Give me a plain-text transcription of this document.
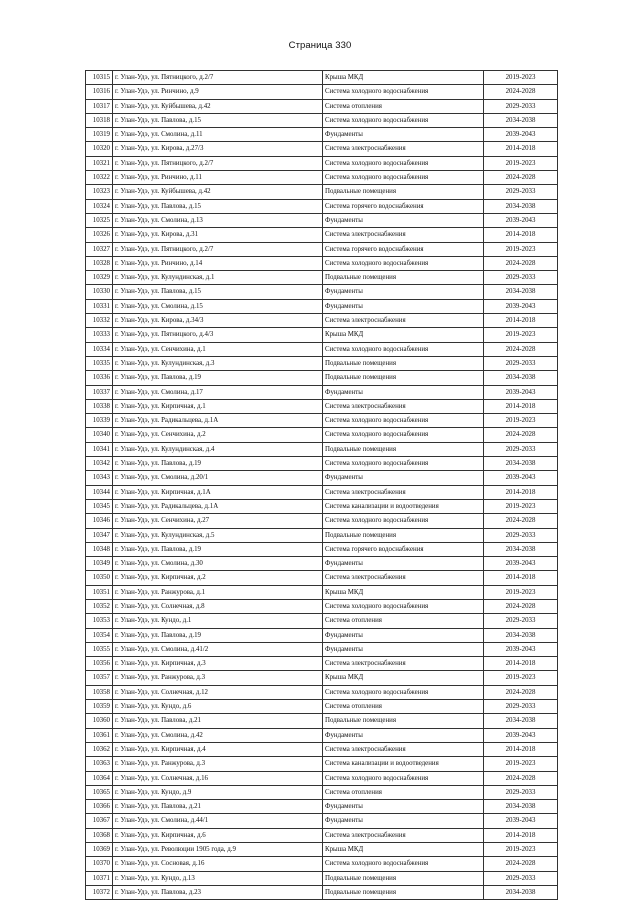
Страница 330
10315	г. Улан-Удэ, ул. Пятницкого, д.2/7	Крыша МКД	2019-2023
10316	г. Улан-Удэ, ул. Ринчино, д.9	Система холодного водоснабжения	2024-2028
10317	г. Улан-Удэ, ул. Куйбышева, д.42	Система отопления	2029-2033
10318	г. Улан-Удэ, ул. Павлова, д.15	Система холодного водоснабжения	2034-2038
10319	г. Улан-Удэ, ул. Смолина, д.11	Фундаменты	2039-2043
10320	г. Улан-Удэ, ул. Кирова, д.27/3	Система электроснабжения	2014-2018
10321	г. Улан-Удэ, ул. Пятницкого, д.2/7	Система холодного водоснабжения	2019-2023
10322	г. Улан-Удэ, ул. Ринчино, д.11	Система холодного водоснабжения	2024-2028
10323	г. Улан-Удэ, ул. Куйбышева, д.42	Подвальные помещения	2029-2033
10324	г. Улан-Удэ, ул. Павлова, д.15	Система горячего водоснабжения	2034-2038
10325	г. Улан-Удэ, ул. Смолина, д.13	Фундаменты	2039-2043
10326	г. Улан-Удэ, ул. Кирова, д.31	Система электроснабжения	2014-2018
10327	г. Улан-Удэ, ул. Пятницкого, д.2/7	Система горячего водоснабжения	2019-2023
10328	г. Улан-Удэ, ул. Ринчино, д.14	Система холодного водоснабжения	2024-2028
10329	г. Улан-Удэ, ул. Кулундинская, д.1	Подвальные помещения	2029-2033
10330	г. Улан-Удэ, ул. Павлова, д.15	Фундаменты	2034-2038
10331	г. Улан-Удэ, ул. Смолина, д.15	Фундаменты	2039-2043
10332	г. Улан-Удэ, ул. Кирова, д.34/3	Система электроснабжения	2014-2018
10333	г. Улан-Удэ, ул. Пятницкого, д.4/3	Крыша МКД	2019-2023
10334	г. Улан-Удэ, ул. Сенчихина, д.1	Система холодного водоснабжения	2024-2028
10335	г. Улан-Удэ, ул. Кулундинская, д.3	Подвальные помещения	2029-2033
10336	г. Улан-Удэ, ул. Павлова, д.19	Подвальные помещения	2034-2038
10337	г. Улан-Удэ, ул. Смолина, д.17	Фундаменты	2039-2043
10338	г. Улан-Удэ, ул. Кирпичная, д.1	Система электроснабжения	2014-2018
10339	г. Улан-Удэ, ул. Радикальцева, д.1А	Система холодного водоснабжения	2019-2023
10340	г. Улан-Удэ, ул. Сенчихина, д.2	Система холодного водоснабжения	2024-2028
10341	г. Улан-Удэ, ул. Кулундинская, д.4	Подвальные помещения	2029-2033
10342	г. Улан-Удэ, ул. Павлова, д.19	Система холодного водоснабжения	2034-2038
10343	г. Улан-Удэ, ул. Смолина, д.20/1	Фундаменты	2039-2043
10344	г. Улан-Удэ, ул. Кирпичная, д.1А	Система электроснабжения	2014-2018
10345	г. Улан-Удэ, ул. Радикальцева, д.1А	Система канализации и водоотведения	2019-2023
10346	г. Улан-Удэ, ул. Сенчихина, д.27	Система холодного водоснабжения	2024-2028
10347	г. Улан-Удэ, ул. Кулундинская, д.5	Подвальные помещения	2029-2033
10348	г. Улан-Удэ, ул. Павлова, д.19	Система горячего водоснабжения	2034-2038
10349	г. Улан-Удэ, ул. Смолина, д.30	Фундаменты	2039-2043
10350	г. Улан-Удэ, ул. Кирпичная, д.2	Система электроснабжения	2014-2018
10351	г. Улан-Удэ, ул. Ранжурова, д.1	Крыша МКД	2019-2023
10352	г. Улан-Удэ, ул. Солнечная, д.8	Система холодного водоснабжения	2024-2028
10353	г. Улан-Удэ, ул. Кундо, д.1	Система отопления	2029-2033
10354	г. Улан-Удэ, ул. Павлова, д.19	Фундаменты	2034-2038
10355	г. Улан-Удэ, ул. Смолина, д.41/2	Фундаменты	2039-2043
10356	г. Улан-Удэ, ул. Кирпичная, д.3	Система электроснабжения	2014-2018
10357	г. Улан-Удэ, ул. Ранжурова, д.3	Крыша МКД	2019-2023
10358	г. Улан-Удэ, ул. Солнечная, д.12	Система холодного водоснабжения	2024-2028
10359	г. Улан-Удэ, ул. Кундо, д.6	Система отопления	2029-2033
10360	г. Улан-Удэ, ул. Павлова, д.21	Подвальные помещения	2034-2038
10361	г. Улан-Удэ, ул. Смолина, д.42	Фундаменты	2039-2043
10362	г. Улан-Удэ, ул. Кирпичная, д.4	Система электроснабжения	2014-2018
10363	г. Улан-Удэ, ул. Ранжурова, д.3	Система канализации и водоотведения	2019-2023
10364	г. Улан-Удэ, ул. Солнечная, д.16	Система холодного водоснабжения	2024-2028
10365	г. Улан-Удэ, ул. Кундо, д.9	Система отопления	2029-2033
10366	г. Улан-Удэ, ул. Павлова, д.21	Фундаменты	2034-2038
10367	г. Улан-Удэ, ул. Смолина, д.44/1	Фундаменты	2039-2043
10368	г. Улан-Удэ, ул. Кирпичная, д.6	Система электроснабжения	2014-2018
10369	г. Улан-Удэ, ул. Революции 1905 года, д.9	Крыша МКД	2019-2023
10370	г. Улан-Удэ, ул. Сосновая, д.16	Система холодного водоснабжения	2024-2028
10371	г. Улан-Удэ, ул. Кундо, д.13	Подвальные помещения	2029-2033
10372	г. Улан-Удэ, ул. Павлова, д.23	Подвальные помещения	2034-2038
